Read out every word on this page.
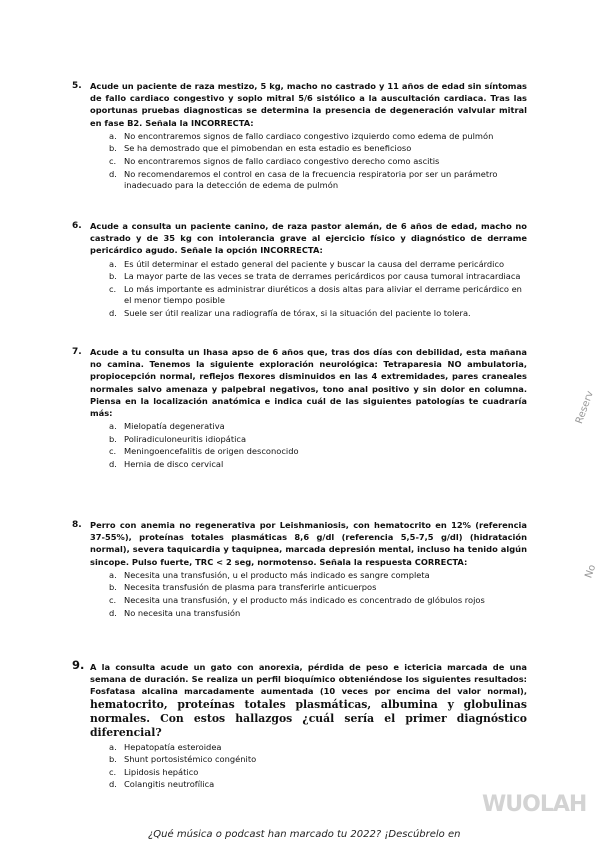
5. Acude un paciente de raza mestizo, 5 kg, macho no castrado y 11 años de edad sin síntomas de fallo cardiaco congestivo y soplo mitral 5/6 sistólico a la auscultación cardiaca. Tras las oportunas pruebas diagnosticas se determina la presencia de degeneración valvular mitral en fase B2. Señala la INCORRECTA:
a. No encontraremos signos de fallo cardiaco congestivo izquierdo como edema de pulmón
b. Se ha demostrado que el pimobendan en esta estadio es beneficioso
c. No encontraremos signos de fallo cardiaco congestivo derecho como ascitis
d. No recomendaremos el control en casa de la frecuencia respiratoria por ser un parámetro inadecuado para la detección de edema de pulmón
6. Acude a consulta un paciente canino, de raza pastor alemán, de 6 años de edad, macho no castrado y de 35 kg con intolerancia grave al ejercicio físico y diagnóstico de derrame pericárdico agudo. Señale la opción INCORRECTA:
a. Es útil determinar el estado general del paciente y buscar la causa del derrame pericárdico
b. La mayor parte de las veces se trata de derrames pericárdicos por causa tumoral intracardiaca
c. Lo más importante es administrar diuréticos a dosis altas para aliviar el derrame pericárdico en el menor tiempo posible
d. Suele ser útil realizar una radiografía de tórax, si la situación del paciente lo tolera.
7. Acude a tu consulta un Ihasa apso de 6 años que, tras dos días con debilidad, esta mañana no camina. Tenemos la siguiente exploración neurológica: Tetraparesia NO ambulatoria, propiocepción normal, reflejos flexores disminuidos en las 4 extremidades, pares craneales normales salvo amenaza y palpebral negativos, tono anal positivo y sin dolor en columna. Piensa en la localización anatómica e indica cuál de las siguientes patologías te cuadraría más:
a. Mielopatía degenerativa
b. Poliradiculoneuritis idiopática
c. Meningoencefalitis de origen desconocido
d. Hernia de disco cervical
8. Perro con anemia no regenerativa por Leishmaniosis, con hematocrito en 12% (referencia 37-55%), proteínas totales plasmáticas 8,6 g/dl (referencia 5,5-7,5 g/dl) (hidratación normal), severa taquicardia y taquipnea, marcada depresión mental, incluso ha tenido algún sincope. Pulso fuerte, TRC < 2 seg, normotenso. Señala la respuesta CORRECTA:
a. Necesita una transfusión, u el producto más indicado es sangre completa
b. Necesita transfusión de plasma para transferirle anticuerpos
c. Necesita una transfusión, y el producto más indicado es concentrado de glóbulos rojos
d. No necesita una transfusión
9. A la consulta acude un gato con anorexia, pérdida de peso e ictericia marcada de una semana de duración. Se realiza un perfil bioquímico obteniéndose los siguientes resultados: Fosfatasa alcalina marcadamente aumentada (10 veces por encima del valor normal), hematocrito, proteínas totales plasmáticas, albumina y globulinas normales. Con estos hallazgos ¿cuál sería el primer diagnóstico diferencial?
a. Hepatopatía esteroidea
b. Shunt portosistémico congénito
c. Lipidosis hepático
d. Colangitis neutrofílica
Reserv
No
WUOLAH
¿Qué música o podcast han marcado tu 2022? ¡Descúbrelo en
